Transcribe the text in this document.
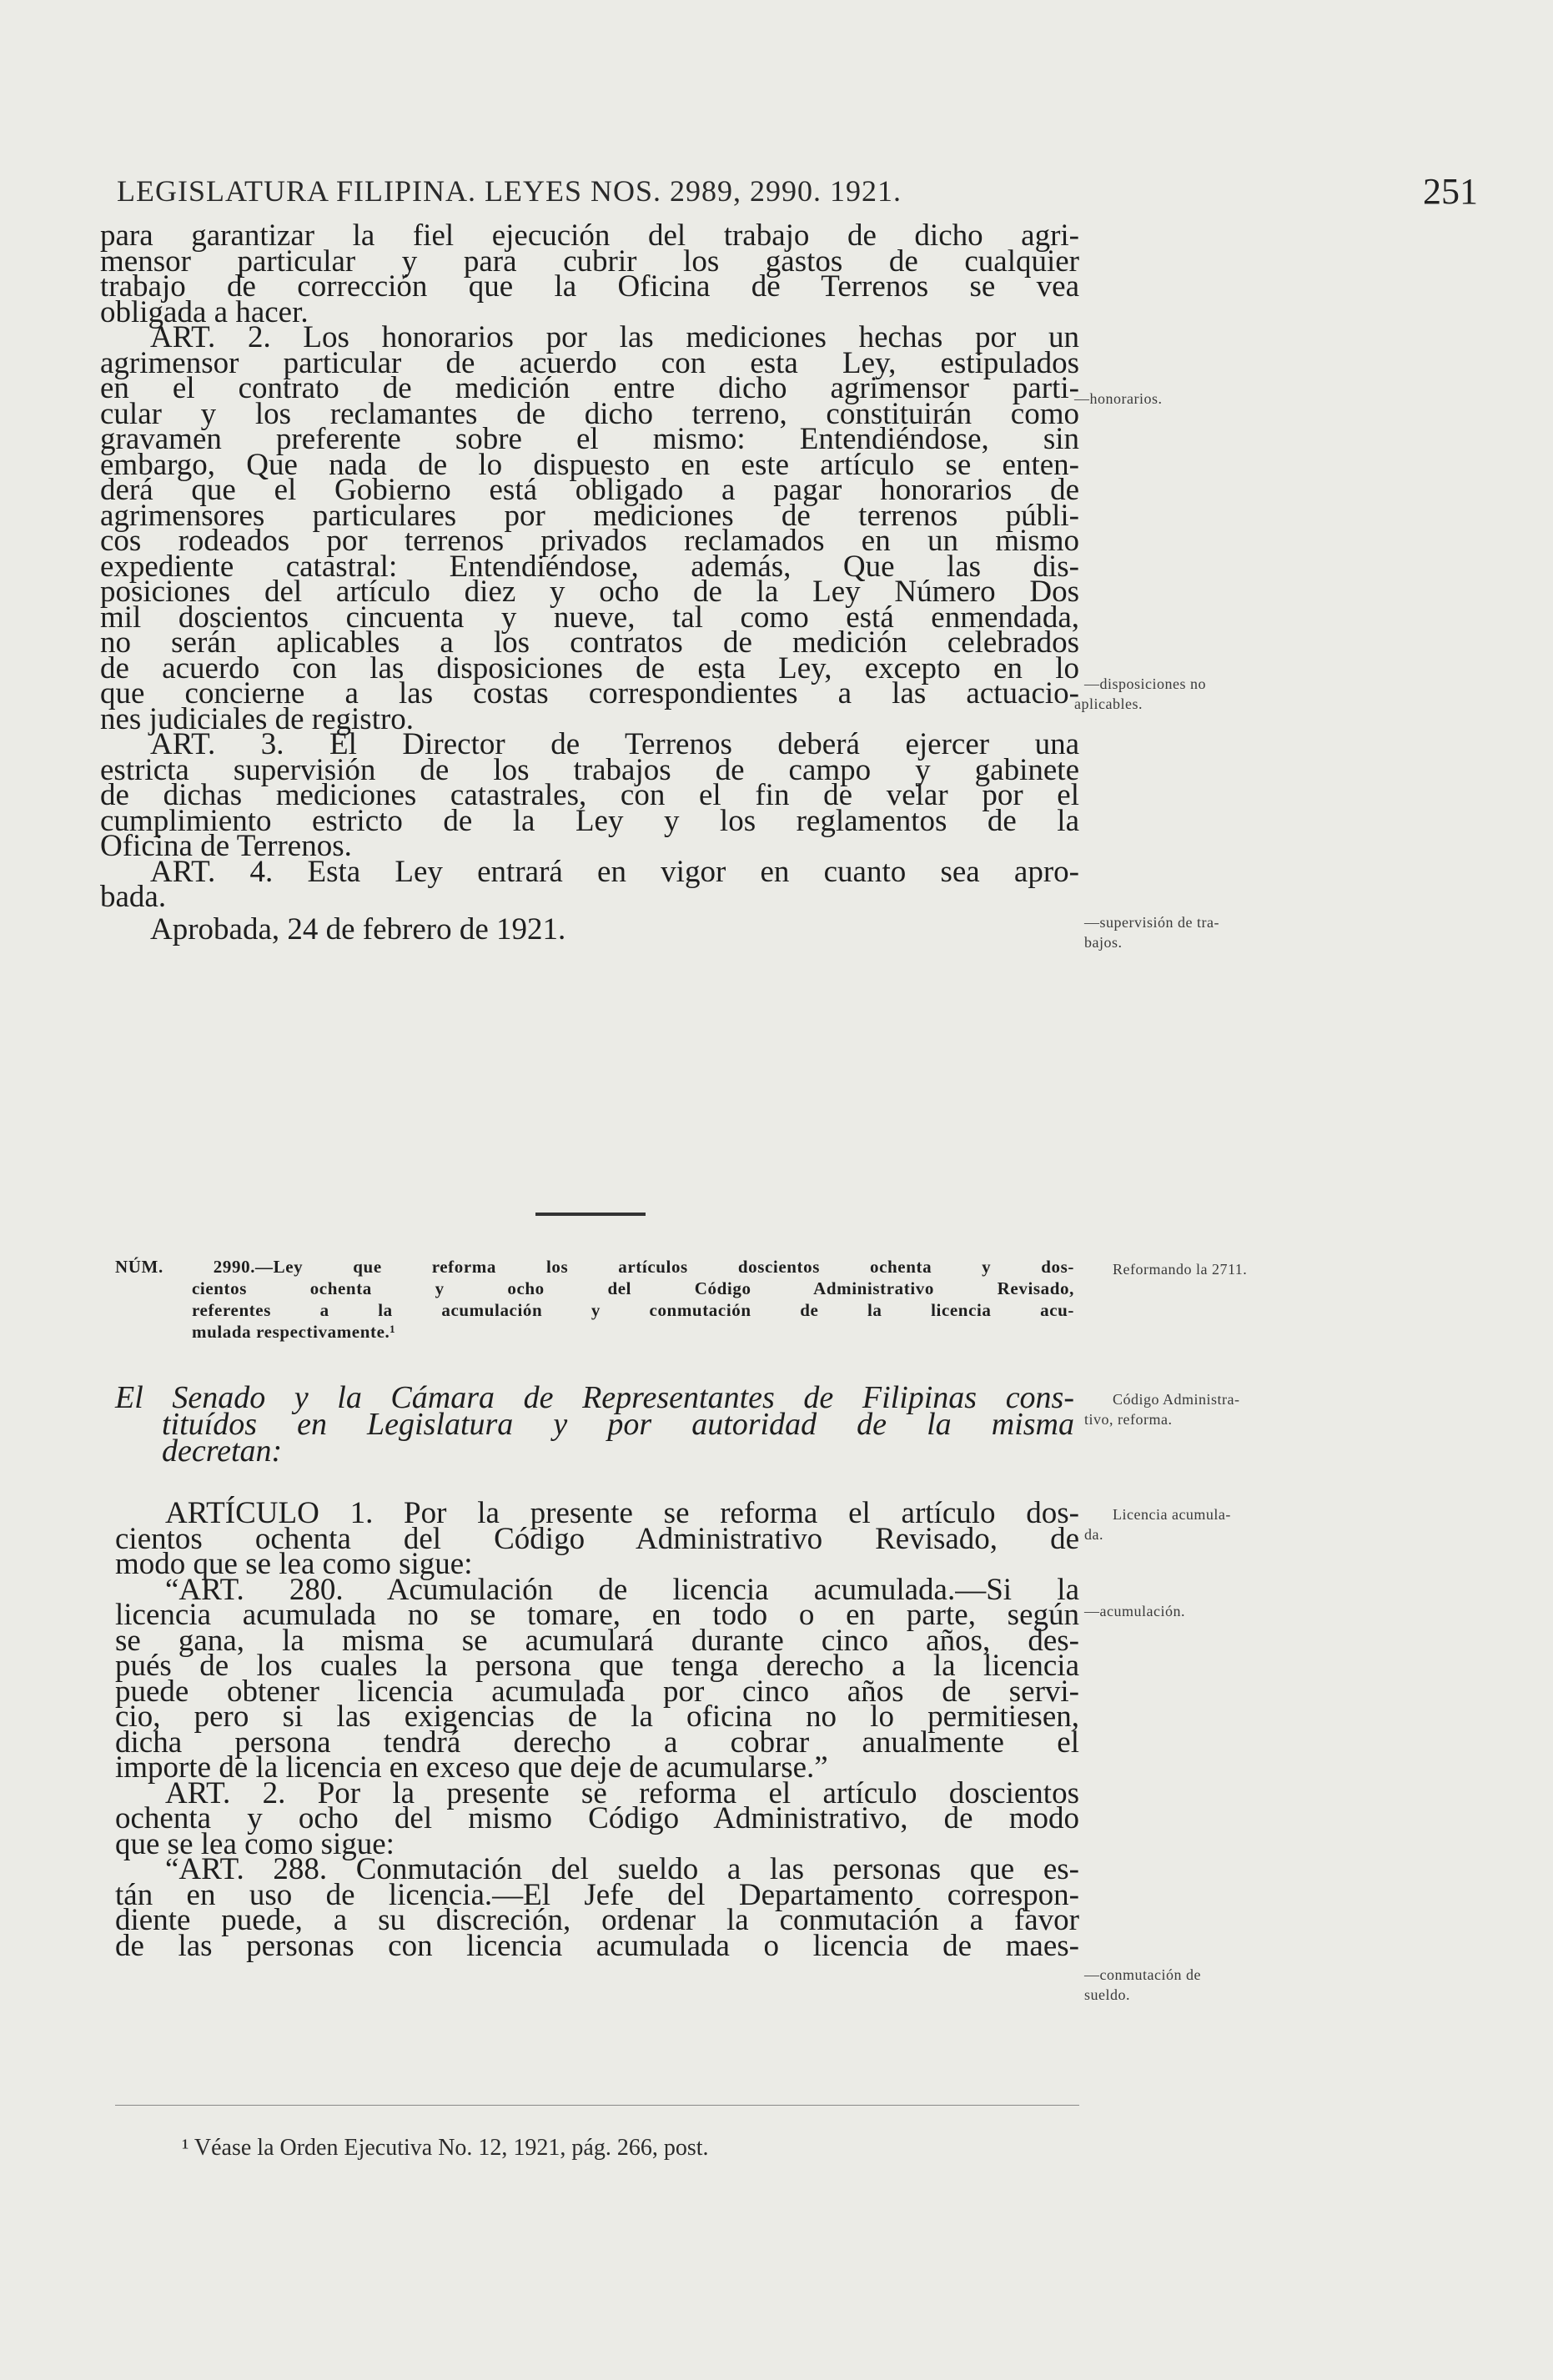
LEGISLATURA FILIPINA. LEYES NOS. 2989, 2990. 1921.	251
para garantizar la fiel ejecución del trabajo de dicho agri-
mensor particular y para cubrir los gastos de cualquier
trabajo de corrección que la Oficina de Terrenos se vea
obligada a hacer.
ART. 2. Los honorarios por las mediciones hechas por un
agrimensor particular de acuerdo con esta Ley, estipulados
en el contrato de medición entre dicho agrimensor parti-
cular y los reclamantes de dicho terreno, constituirán como
gravamen preferente sobre el mismo: Entendiéndose, sin
embargo, Que nada de lo dispuesto en este artículo se enten-
derá que el Gobierno está obligado a pagar honorarios de
agrimensores particulares por mediciones de terrenos públi-
cos rodeados por terrenos privados reclamados en un mismo
expediente catastral: Entendiéndose, además, Que las dis-
posiciones del artículo diez y ocho de la Ley Número Dos
mil doscientos cincuenta y nueve, tal como está enmendada,
no serán aplicables a los contratos de medición celebrados
de acuerdo con las disposiciones de esta Ley, excepto en lo
que concierne a las costas correspondientes a las actuacio-
nes judiciales de registro.
ART. 3. El Director de Terrenos deberá ejercer una
estricta supervisión de los trabajos de campo y gabinete
de dichas mediciones catastrales, con el fin de velar por el
cumplimiento estricto de la Ley y los reglamentos de la
Oficina de Terrenos.
ART. 4. Esta Ley entrará en vigor en cuanto sea apro-
bada.
Aprobada, 24 de febrero de 1921.
—honorarios.
—disposiciones no
aplicables.
—supervisión de tra-
bajos.
NÚM. 2990.—Ley que reforma los artículos doscientos ochenta y dos-
cientos ochenta y ocho del Código Administrativo Revisado,
referentes a la acumulación y conmutación de la licencia acu-
mulada respectivamente.¹
Reformando la 2711.
El Senado y la Cámara de Representantes de Filipinas cons-
tituídos en Legislatura y por autoridad de la misma
decretan:
Código Administra-
tivo, reforma.
ARTÍCULO 1. Por la presente se reforma el artículo dos-
cientos ochenta del Código Administrativo Revisado, de
modo que se lea como sigue:
“ART. 280. Acumulación de licencia acumulada.—Si la
licencia acumulada no se tomare, en todo o en parte, según
se gana, la misma se acumulará durante cinco años, des-
pués de los cuales la persona que tenga derecho a la licencia
puede obtener licencia acumulada por cinco años de servi-
cio, pero si las exigencias de la oficina no lo permitiesen,
dicha persona tendrá derecho a cobrar anualmente el
importe de la licencia en exceso que deje de acumularse.”
ART. 2. Por la presente se reforma el artículo doscientos
ochenta y ocho del mismo Código Administrativo, de modo
que se lea como sigue:
“ART. 288. Conmutación del sueldo a las personas que es-
tán en uso de licencia.—El Jefe del Departamento correspon-
diente puede, a su discreción, ordenar la conmutación a favor
de las personas con licencia acumulada o licencia de maes-
Licencia acumula-
da.
—acumulación.
—conmutación de
sueldo.
¹ Véase la Orden Ejecutiva No. 12, 1921, pág. 266, post.
